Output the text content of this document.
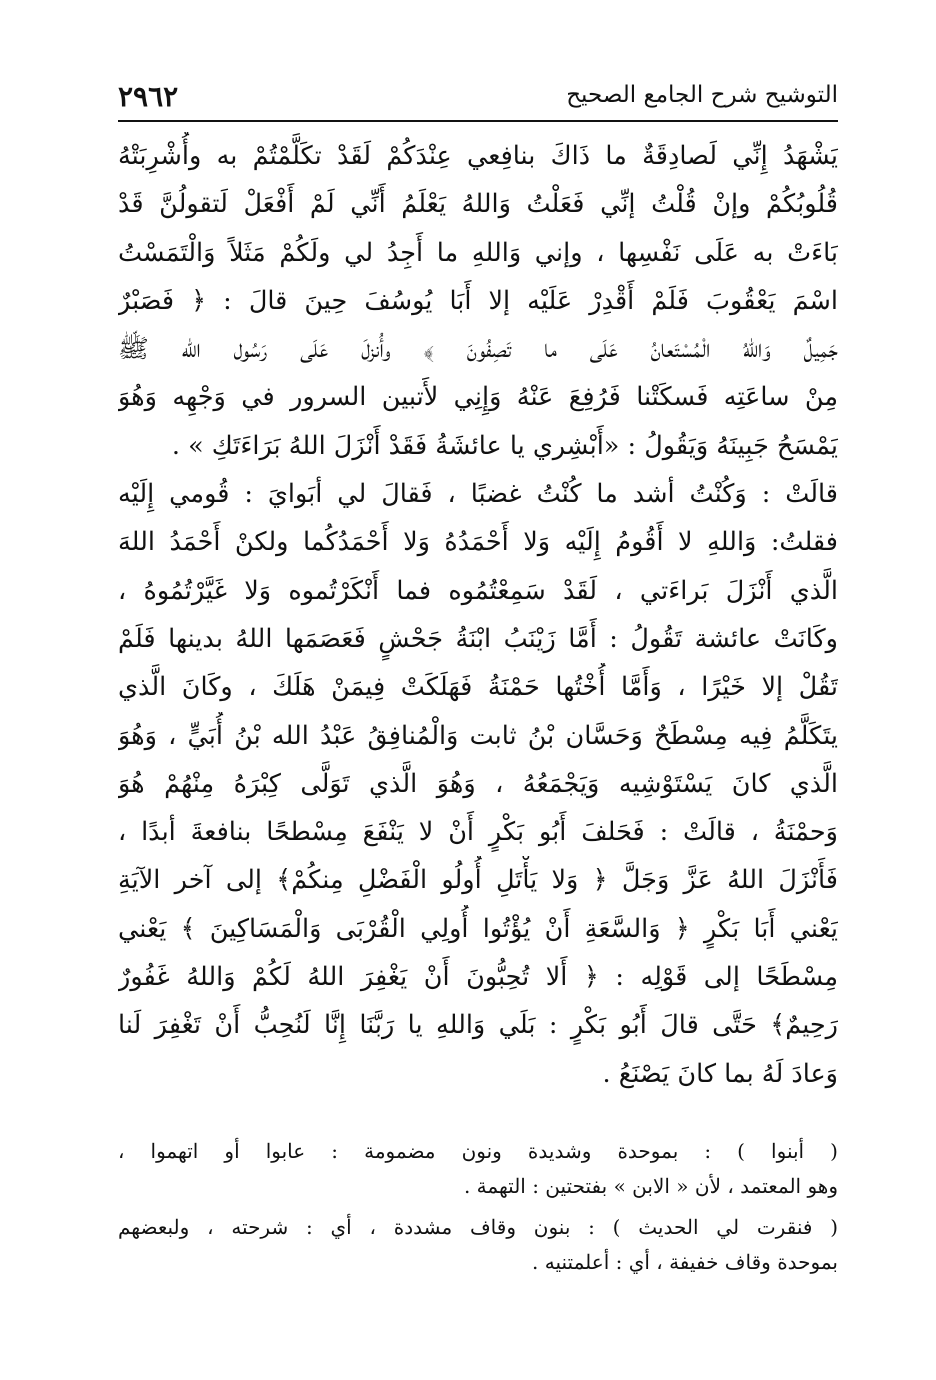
٢٩٦٢	التوشيح شرح الجامع الصحيح
يَشْهَدُ إِنِّي لَصادِقَةٌ ما ذَاكَ بنافِعي عِنْدَكُمْ لَقَدْ تكَلَّمْتُمْ به وأُشْرِبَتْهُ
قُلُوبُكُمْ وإنْ قُلْتُ إنِّي فَعَلْتُ وَاللهُ يَعْلَمُ أَنِّي لَمْ أَفْعَلْ لَتقولُنَّ قَدْ
بَاءَتْ به عَلَى نَفْسِها ، وإني وَاللهِ ما أَجِدُ لي ولَكُمْ مَثَلاً وَالْتَمَسْتُ
اسْمَ يَعْقُوبَ فَلَمْ أَقْدِرْ عَلَيْه إلا أَبَا يُوسُفَ حِينَ قالَ : ﴿ فَصَبْرٌ
جَمِيلٌ وَاللهُ الْمُسْتَعانُ عَلَى ما تَصِفُونَ ﴾ وأُنزلَ عَلَى رَسُول الله ﷺ
مِنْ ساعَتِه فَسكَتْنا فَرُفِعَ عَنْهُ وَإِنِي لأَتبين السرور في وَجْهِه وَهُوَ
يَمْسَحُ جَبِينَهُ وَيَقُولُ : «أَبْشِري يا عائشَةُ فَقَدْ أَنْزَلَ اللهُ بَرَاءَتَكِ » .
قالَتْ : وَكُنْتُ أشد ما كُنْتُ غضبًا ، فَقالَ لي أبَوايَ : قُومي إِلَيْه
فقلتُ: وَاللهِ لا أَقُومُ إِلَيْه وَلا أَحْمَدُهُ وَلا أَحْمَدُكُما ولكنْ أَحْمَدُ اللهَ
الَّذي أَنْزَلَ بَراءَتي ، لَقَدْ سَمِعْتُمُوه فما أَنْكَرْتُموه وَلا غَيَّرْتُمُوهُ ،
وكَانَتْ عائشة تَقُولُ : أَمَّا زَيْنَبُ ابْنَةُ جَحْشٍ فَعَصَمَها اللهُ بدينها فَلَمْ
تَقُلْ إلا خَيْرًا ، وَأَمَّا أُخْتُها حَمْنَةُ فَهَلَكَتْ فِيمَنْ هَلَكَ ، وكَانَ الَّذي
يتَكَلَّمُ فِيه مِسْطَحٌ وَحَسَّان بْنُ ثابت وَالْمُنافِقُ عَبْدُ الله بْنُ أُبَيٍّ ، وَهُوَ
الَّذي كانَ يَسْتَوْشِيه وَيَجْمَعُهُ ، وَهُوَ الَّذي تَوَلَّى كِبْرَهُ مِنْهُمْ هُوَ
وَحمْنَةُ ، قالَتْ : فَحَلفَ أَبُو بَكْرٍ أَنْ لا يَنْفَعَ مِسْطحًا بنافعةَ أبدًا ،
فَأَنْزَلَ اللهُ عَزَّ وَجَلَّ ﴿ وَلا يَأْتَلِ أُولُو الْفَضْلِ مِنكُمْ﴾ إلى آخر الآيَةِ
يَعْني أَبَا بَكْرٍ ﴿ وَالسَّعَةِ أَنْ يُؤْتُوا أُولِي الْقُرْبَى وَالْمَسَاكِينَ ﴾ يَعْني
مِسْطَحًا إلى قَوْلِه : ﴿ أَلا تُحِبُّونَ أَنْ يَغْفِرَ اللهُ لَكُمْ وَاللهُ غَفُورٌ
رَحِيمٌ﴾ حَتَّى قالَ أَبُو بَكْرٍ : بَلَي وَاللهِ يا رَبَّنَا إِنَّا لَنُحِبُّ أَنْ تَغْفِرَ لَنا
وَعادَ لَهُ بما كانَ يَصْنَعُ .
( أبنوا ) : بموحدة وشديدة ونون مضمومة : عابوا أو اتهموا ،
وهو المعتمد ، لأن « الابن » بفتحتين : التهمة .
( فنقرت لي الحديث ) : بنون وقاف مشددة ، أي : شرحته ، ولبعضهم
بموحدة وقاف خفيفة ، أي : أعلمتنيه .
